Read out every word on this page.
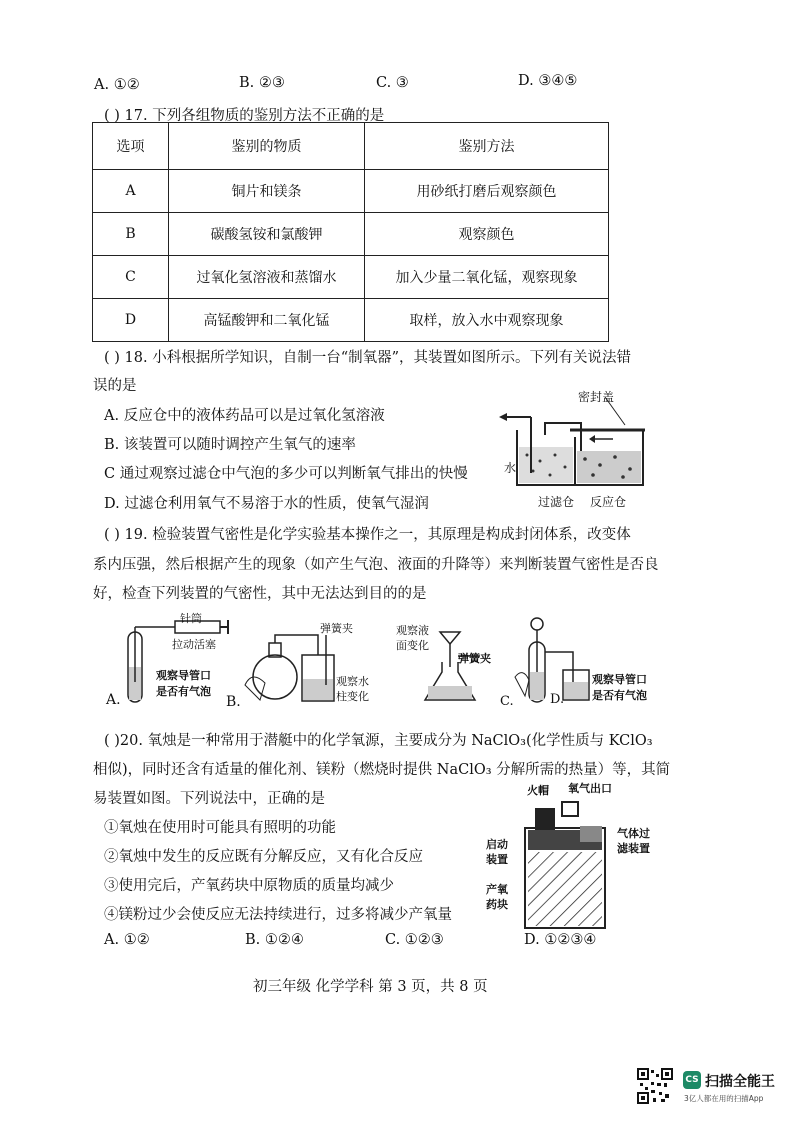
A. ①②	B. ②③	C. ③	D. ③④⑤
( ) 17. 下列各组物质的鉴别方法不正确的是
选项	鉴别的物质	鉴别方法
A	铜片和镁条	用砂纸打磨后观察颜色
B	碳酸氢铵和氯酸钾	观察颜色
C	过氧化氢溶液和蒸馏水	加入少量二氧化锰，观察现象
D	高锰酸钾和二氧化锰	取样，放入水中观察现象
( ) 18. 小科根据所学知识，自制一台“制氧器”，其装置如图所示。下列有关说法错
误的是
A. 反应仓中的液体药品可以是过氧化氢溶液
B. 该装置可以随时调控产生氧气的速率
C 通过观察过滤仓中气泡的多少可以判断氧气排出的快慢
D. 过滤仓利用氧气不易溶于水的性质，使氧气湿润
密封盖
水
过滤仓 反应仓
( ) 19. 检验装置气密性是化学实验基本操作之一，其原理是构成封闭体系，改变体
系内压强，然后根据产生的现象（如产生气泡、液面的升降等）来判断装置气密性是否良
好，检查下列装置的气密性，其中无法达到目的的是
针筒
拉动活塞
观察导管口
是否有气泡
A.
弹簧夹
观察水
柱变化
B.
观察液
面变化
弹簧夹
C.
观察导管口
是否有气泡
D.
( )20. 氧烛是一种常用于潜艇中的化学氧源，主要成分为 NaClO₃(化学性质与 KClO₃
相似)，同时还含有适量的催化剂、镁粉（燃烧时提供 NaClO₃ 分解所需的热量）等，其简
易装置如图。下列说法中，正确的是
①氧烛在使用时可能具有照明的功能
②氧烛中发生的反应既有分解反应，又有化合反应
③使用完后，产氧药块中原物质的质量均减少
④镁粉过少会使反应无法持续进行，过多将减少产氧量
A. ①②	B. ①②④	C. ①②③	D. ①②③④
火帽 氧气出口
气体过
滤装置
启动
装置
产氧
药块
初三年级 化学学科 第 3 页，共 8 页
CS 扫描全能王
3亿人都在用的扫描App
